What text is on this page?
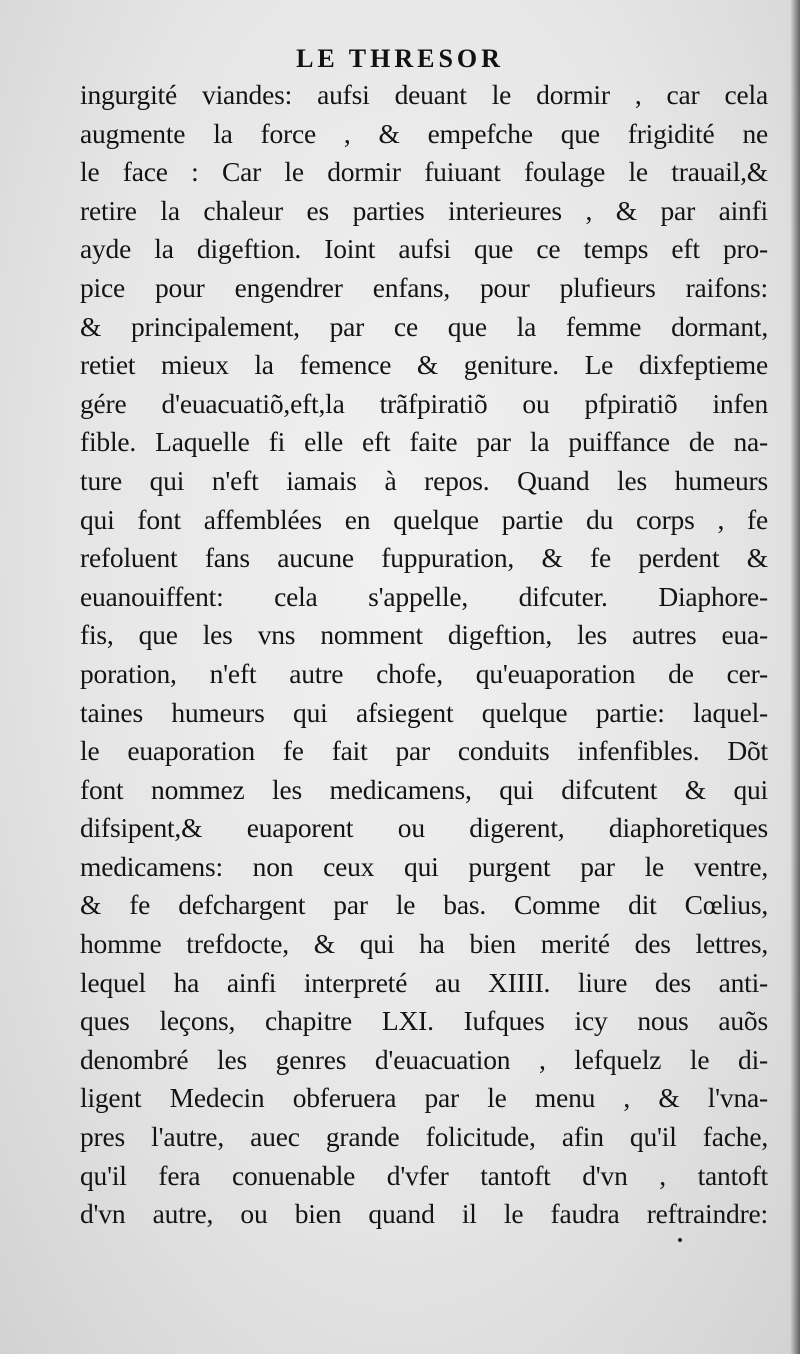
LE THRESOR
ingurgité viandes: aufsi deuant le dormir , car cela
augmente la force , & empefche que frigidité ne
le face : Car le dormir fuiuant foulage le trauail,&
retire la chaleur es parties interieures , & par ainfi
ayde la digeftion. Ioint aufsi que ce temps eft pro-
pice pour engendrer enfans, pour plufieurs raifons:
& principalement, par ce que la femme dormant,
retiet mieux la femence & geniture. Le dixfeptieme
gére d'euacuatiõ,eft,la trãfpiratiõ ou pfpiratiõ infen
fible. Laquelle fi elle eft faite par la puiffance de na-
ture qui n'eft iamais à repos. Quand les humeurs
qui font affemblées en quelque partie du corps , fe
refoluent fans aucune fuppuration, & fe perdent &
euanouiffent: cela s'appelle, difcuter. Diaphore-
fis, que les vns nomment digeftion, les autres eua-
poration, n'eft autre chofe, qu'euaporation de cer-
taines humeurs qui afsiegent quelque partie: laquel-
le euaporation fe fait par conduits infenfibles. Dõt
font nommez les medicamens, qui difcutent & qui
difsipent,& euaporent ou digerent, diaphoretiques
medicamens: non ceux qui purgent par le ventre,
& fe defchargent par le bas. Comme dit Cœlius,
homme trefdocte, & qui ha bien merité des lettres,
lequel ha ainfi interpreté au XIIII. liure des anti-
ques leçons, chapitre LXI. Iufques icy nous auõs
denombré les genres d'euacuation , lefquelz le di-
ligent Medecin obferuera par le menu , & l'vna-
pres l'autre, auec grande folicitude, afin qu'il fache,
qu'il fera conuenable d'vfer tantoft d'vn , tantoft
d'vn autre, ou bien quand il le faudra reftraindre:
